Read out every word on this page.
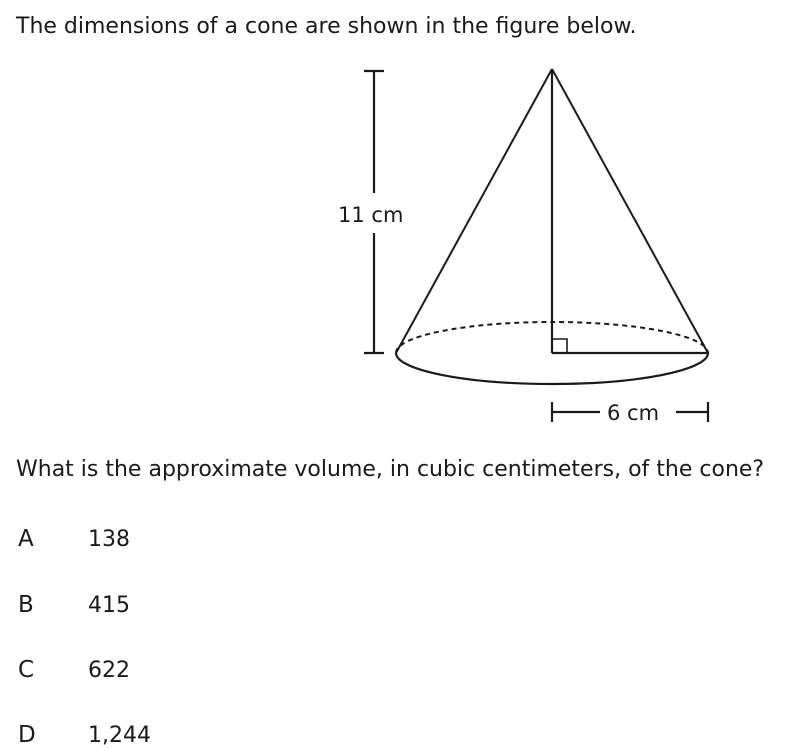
The dimensions of a cone are shown in the figure below.

11 cm
6 cm

What is the approximate volume, in cubic centimeters, of the cone?

A	138
B	415
C	622
D	1,244
